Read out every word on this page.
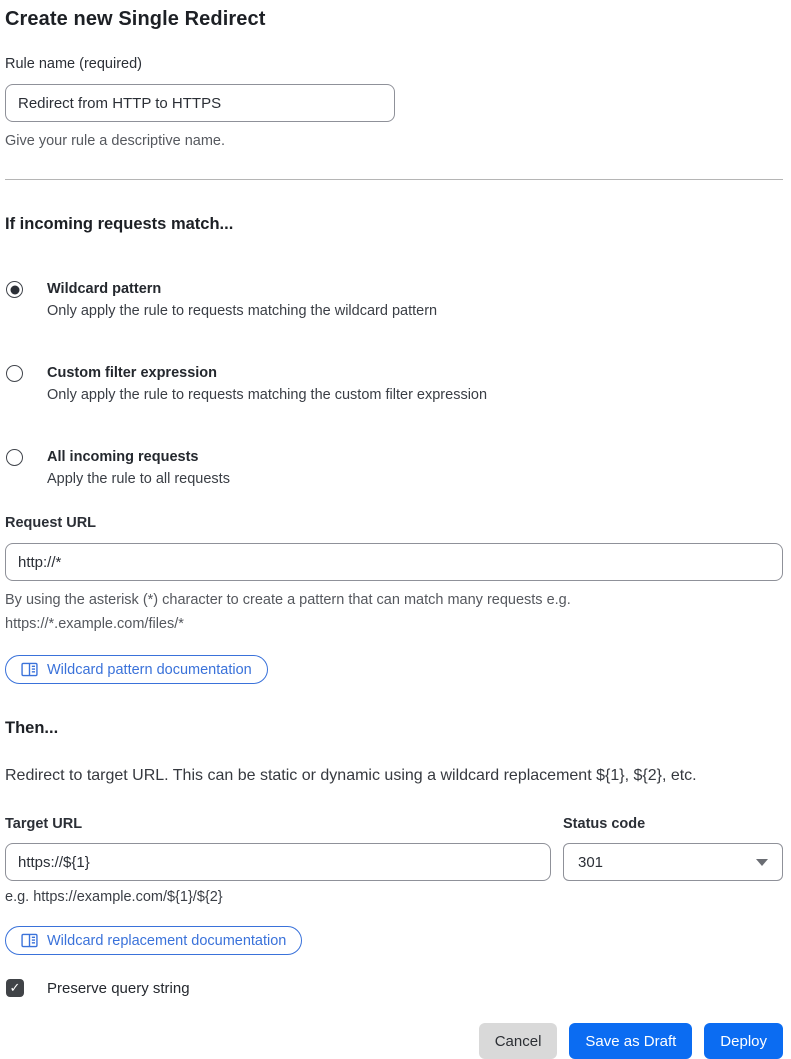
Create new Single Redirect
Rule name (required)
Redirect from HTTP to HTTPS
Give your rule a descriptive name.
If incoming requests match...
Wildcard pattern
Only apply the rule to requests matching the wildcard pattern
Custom filter expression
Only apply the rule to requests matching the custom filter expression
All incoming requests
Apply the rule to all requests
Request URL
http://*
By using the asterisk (*) character to create a pattern that can match many requests e.g.
https://*.example.com/files/*
Wildcard pattern documentation
Then...

Redirect to target URL. This can be static or dynamic using a wildcard replacement ${1}, ${2}, etc.

Target URL
https://${1}
e.g. https://example.com/${1}/${2}
Status code
301
Wildcard replacement documentation
✓ Preserve query string
Cancel	Save as Draft	Deploy
